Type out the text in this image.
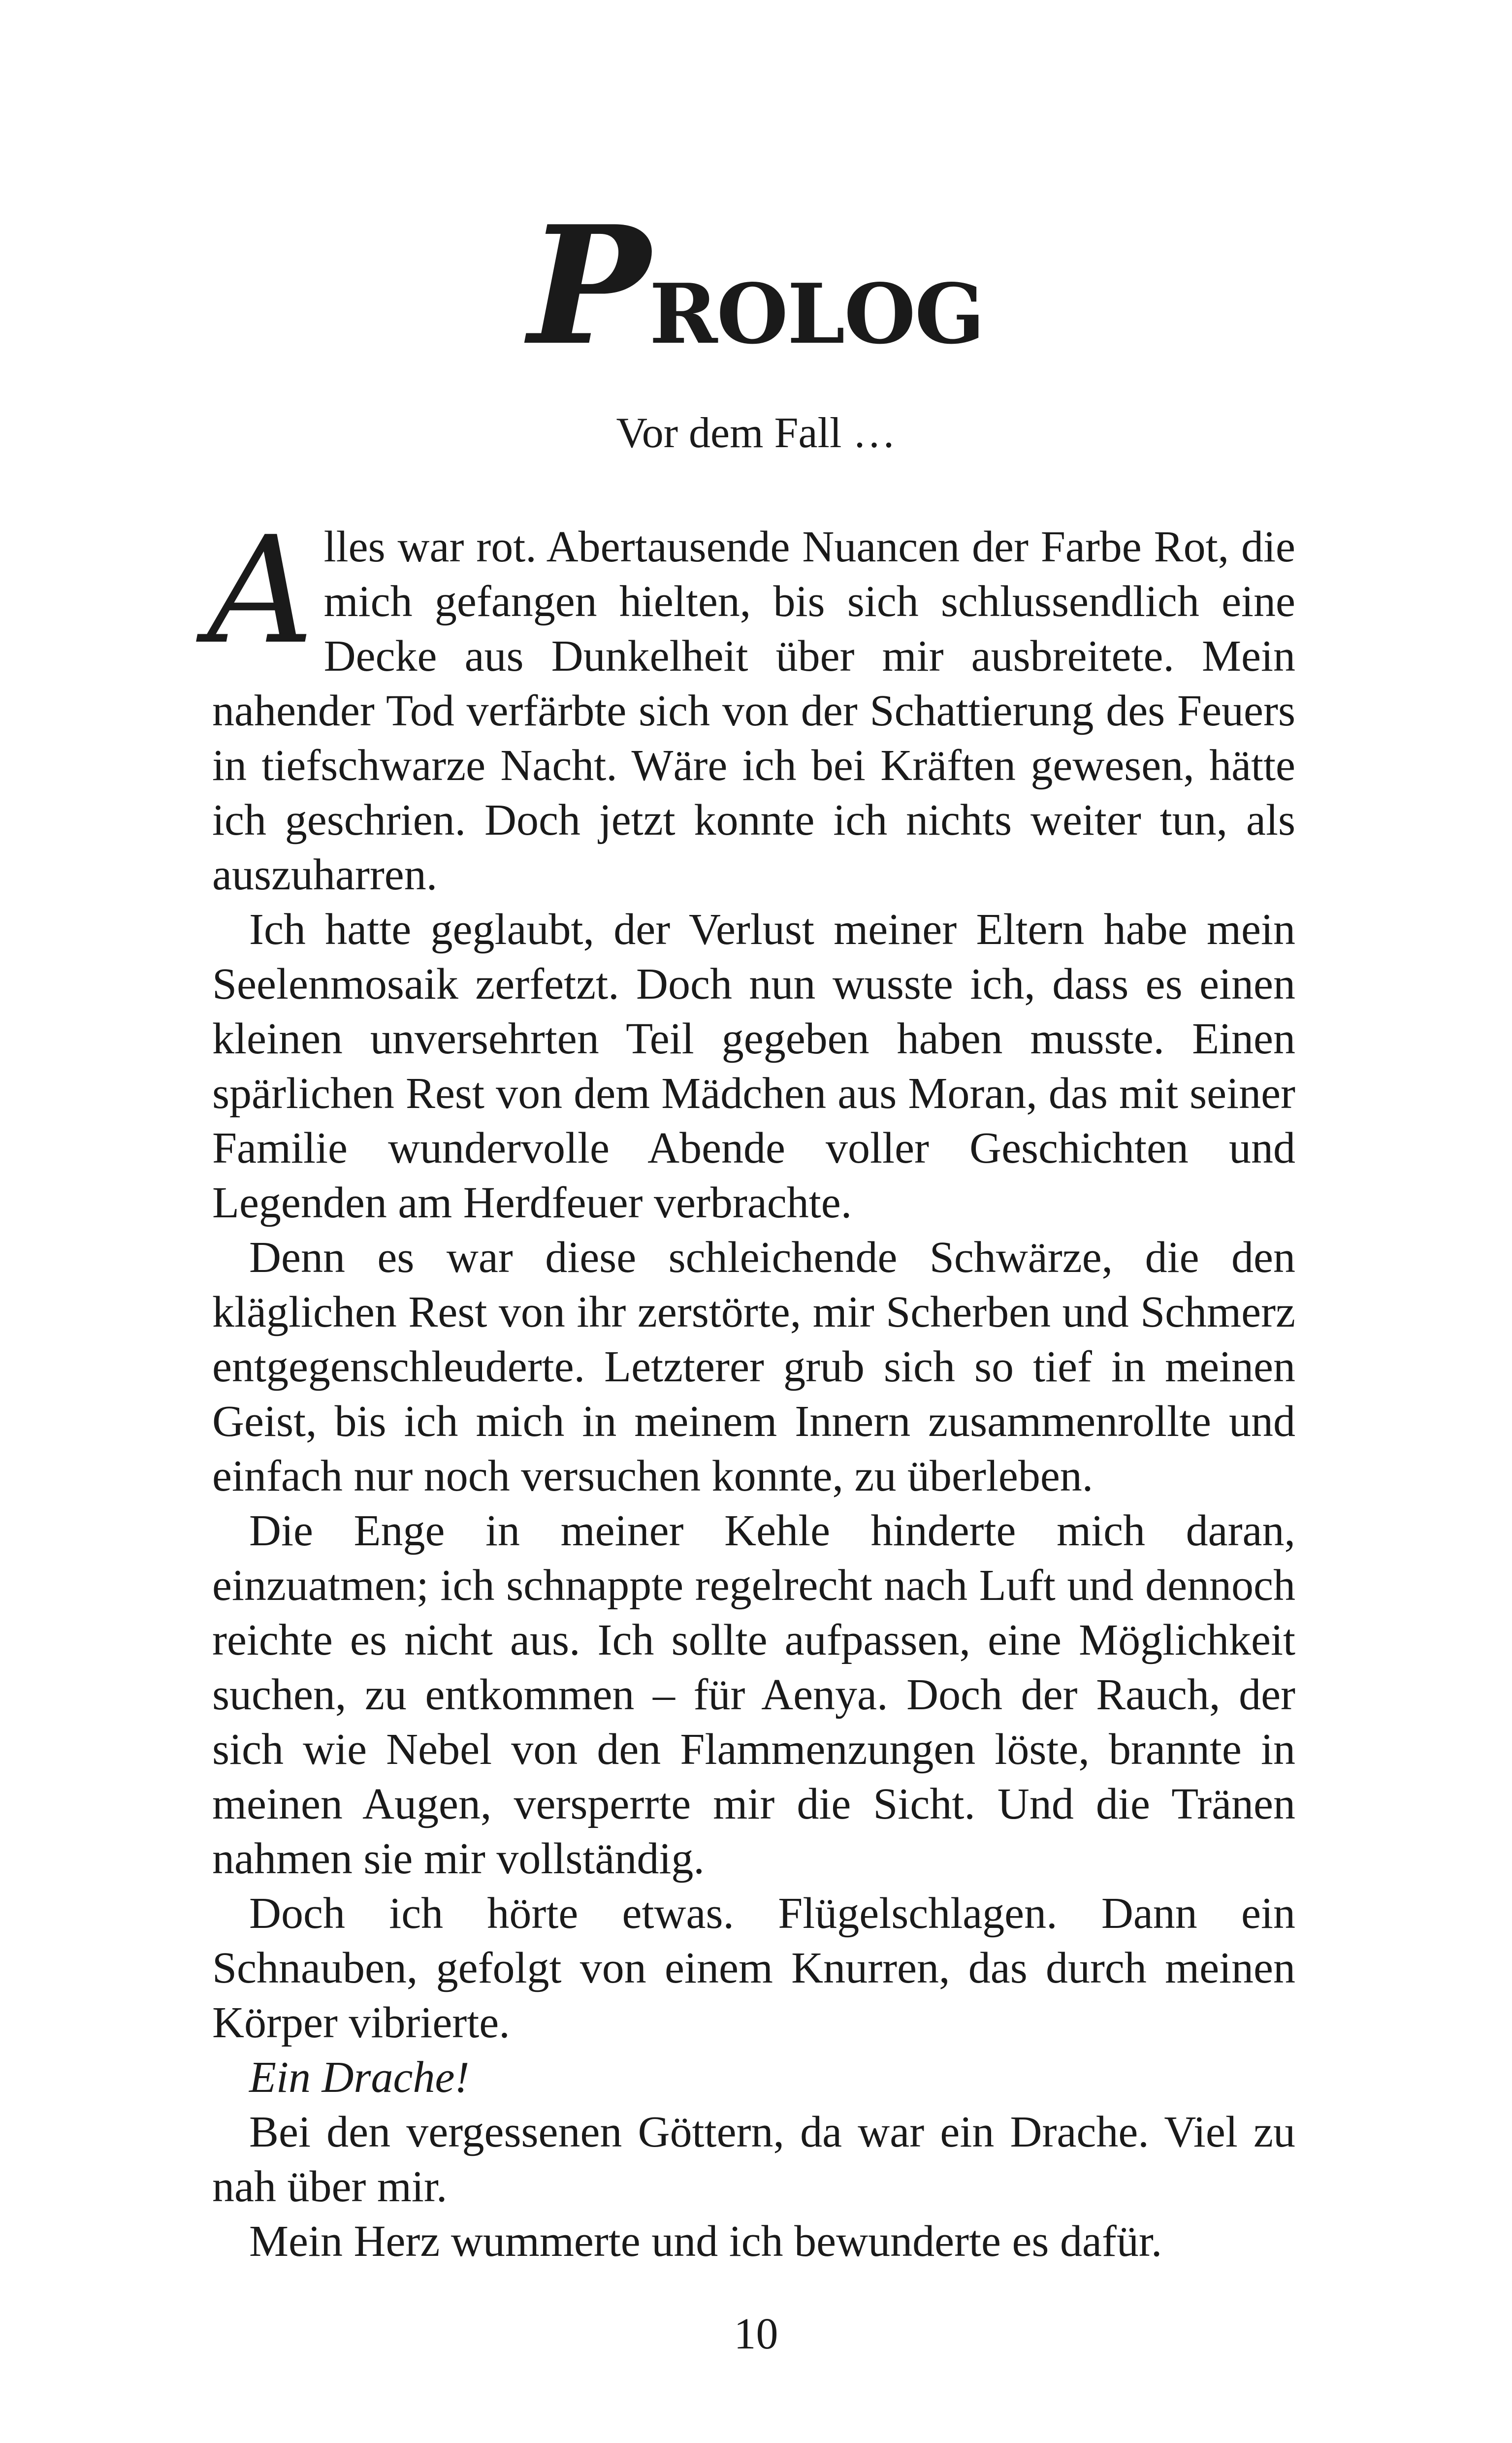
Prolog
Vor dem Fall …

Alles war rot. Abertausende Nuancen der Farbe Rot, die mich gefangen hielten, bis sich schlussendlich eine Decke aus Dunkelheit über mir ausbreitete. Mein nahender Tod verfärbte sich von der Schattierung des Feuers in tiefschwarze Nacht. Wäre ich bei Kräften gewesen, hätte ich geschrien. Doch jetzt konnte ich nichts weiter tun, als auszuharren.

Ich hatte geglaubt, der Verlust meiner Eltern habe mein Seelenmosaik zerfetzt. Doch nun wusste ich, dass es einen kleinen unversehrten Teil gegeben haben musste. Einen spärlichen Rest von dem Mädchen aus Moran, das mit seiner Familie wundervolle Abende voller Geschichten und Legenden am Herdfeuer verbrachte.

Denn es war diese schleichende Schwärze, die den kläglichen Rest von ihr zerstörte, mir Scherben und Schmerz entgegenschleuderte. Letzterer grub sich so tief in meinen Geist, bis ich mich in meinem Innern zusammenrollte und einfach nur noch versuchen konnte, zu überleben.

Die Enge in meiner Kehle hinderte mich daran, einzuatmen; ich schnappte regelrecht nach Luft und dennoch reichte es nicht aus. Ich sollte aufpassen, eine Möglichkeit suchen, zu entkommen – für Aenya. Doch der Rauch, der sich wie Nebel von den Flammenzungen löste, brannte in meinen Augen, versperrte mir die Sicht. Und die Tränen nahmen sie mir vollständig.

Doch ich hörte etwas. Flügelschlagen. Dann ein Schnauben, gefolgt von einem Knurren, das durch meinen Körper vibrierte.

Ein Drache!

Bei den vergessenen Göttern, da war ein Drache. Viel zu nah über mir.

Mein Herz wummerte und ich bewunderte es dafür.

10
